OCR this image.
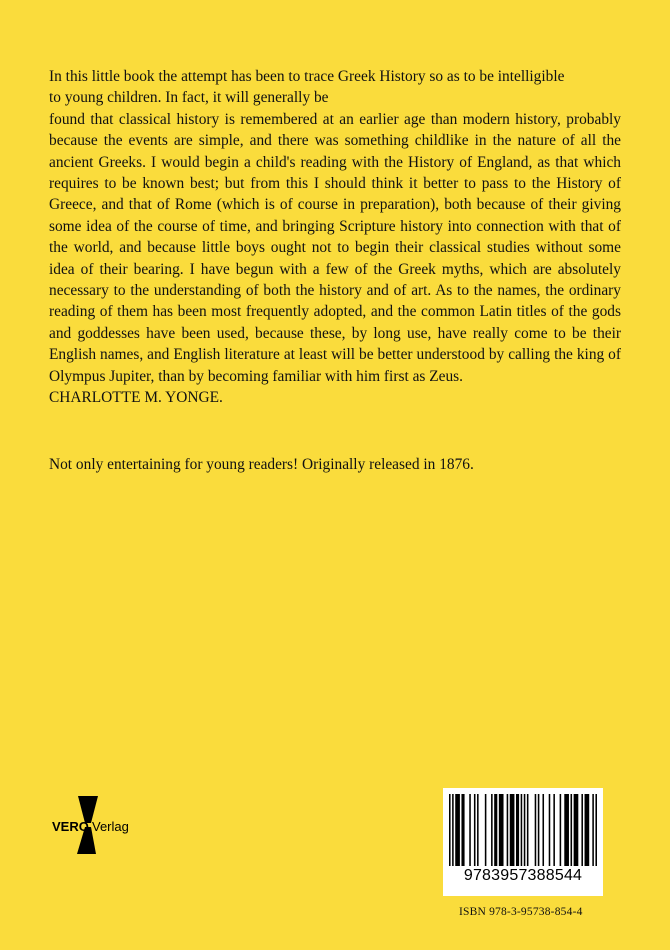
In this little book the attempt has been to trace Greek History so as to be intelligible

to young children. In fact, it will generally be

found that classical history is remembered at an earlier age than modern history, probably because the events are simple, and there was something childlike in the nature of all the ancient Greeks. I would begin a child's reading with the History of England, as that which requires to be known best; but from this I should think it better to pass to the History of Greece, and that of Rome (which is of course in preparation), both because of their giving some idea of the course of time, and bringing Scripture history into connection with that of the world, and because little boys ought not to begin their classical studies without some idea of their bearing. I have begun with a few of the Greek myths, which are absolutely necessary to the understanding of both the history and of art. As to the names, the ordinary reading of them has been most frequently adopted, and the common Latin titles of the gods and goddesses have been used, because these, by long use, have really come to be their English names, and English literature at least will be better understood by calling the king of Olympus Jupiter, than by becoming familiar with him first as Zeus.

CHARLOTTE M. YONGE.

Not only entertaining for young readers! Originally released in 1876.
VERO Verlag
9783957388544
ISBN 978-3-95738-854-4
